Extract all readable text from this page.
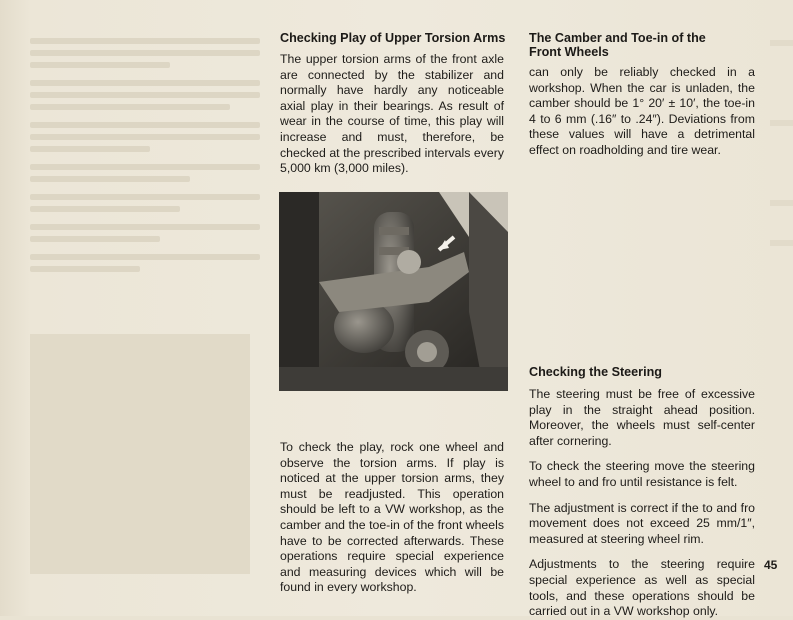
Checking Play of Upper Torsion Arms

The upper torsion arms of the front axle are connected by the stabilizer and normally have hardly any noticeable axial play in their bearings. As result of wear in the course of time, this play will increase and must, therefore, be checked at the prescribed intervals every 5,000 km (3,000 miles).

To check the play, rock one wheel and observe the torsion arms. If play is noticed at the upper torsion arms, they must be readjusted. This operation should be left to a VW workshop, as the camber and the toe-in of the front wheels have to be corrected afterwards. These operations require special experience and measuring devices which will be found in every workshop.

The Camber and Toe-in of the
Front Wheels

can only be reliably checked in a workshop. When the car is unladen, the camber should be 1° 20′ ± 10′, the toe-in 4 to 6 mm (.16″ to .24″). Deviations from these values will have a detrimental effect on roadholding and tire wear.

Checking the Steering

The steering must be free of excessive play in the straight ahead position. Moreover, the wheels must self-center after cornering.

To check the steering move the steering wheel to and fro until resistance is felt.

The adjustment is correct if the to and fro movement does not exceed 25 mm/1″, measured at steering wheel rim.

Adjustments to the steering require special experience as well as special tools, and these operations should be carried out in a VW workshop only.

45
